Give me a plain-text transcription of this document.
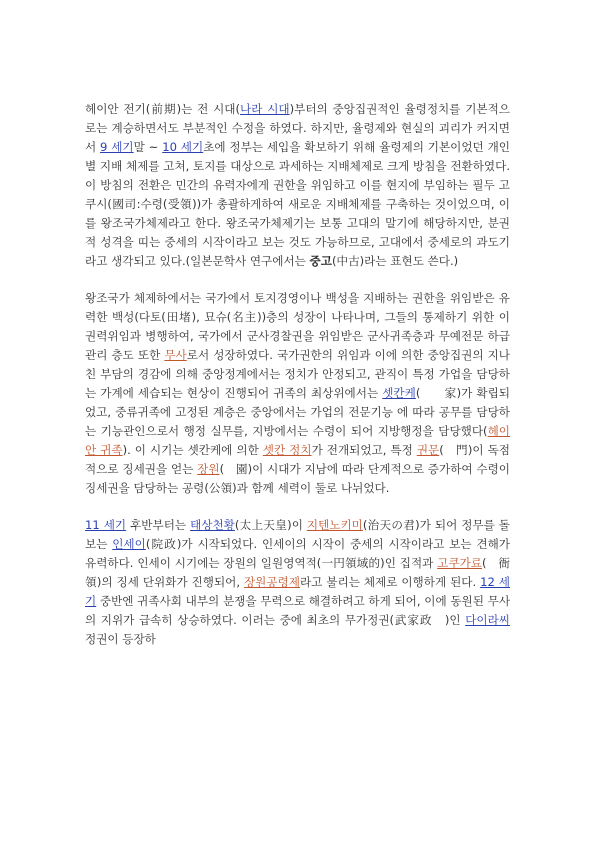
헤이안 전기(前期)는 전 시대(나라 시대)부터의 중앙집권적인 율령정치를 기본적으로는 계승하면서도 부분적인 수정을 하였다. 하지만, 율령제와 현실의 괴리가 커지면서 9 세기말 ~ 10 세기초에 정부는 세입을 확보하기 위해 율령제의 기본이었던 개인별 지배 체제를 고쳐, 토지를 대상으로 과세하는 지배체제로 크게 방침을 전환하였다. 이 방침의 전환은 민간의 유력자에게 권한을 위임하고 이를 현지에 부임하는 필두 고쿠시(國司:수령(受領))가 총괄하게하여 새로운 지배체제를 구축하는 것이었으며, 이를 왕조국가체제라고 한다. 왕조국가체제기는 보통 고대의 말기에 해당하지만, 분권적 성격을 띠는 중세의 시작이라고 보는 것도 가능하므로, 고대에서 중세로의 과도기라고 생각되고 있다.(일본문학사 연구에서는 중고(中古)라는 표현도 쓴다.)

왕조국가 체제하에서는 국가에서 토지경영이나 백성을 지배하는 권한을 위임받은 유력한 백성(다토(田堵), 묘슈(名主))층의 성장이 나타나며, 그들의 통제하기 위한 이 권력위임과 병행하여, 국가에서 군사경찰권을 위임받은 군사귀족층과 무예전문 하급관리 층도 또한 무사로서 성장하였다. 국가권한의 위임과 이에 의한 중앙집권의 지나친 부담의 경감에 의해 중앙정계에서는 정치가 안정되고, 관직이 특정 가업을 담당하는 가계에 세습되는 현상이 진행되어 귀족의 최상위에서는 셋칸케(　　家)가 확립되었고, 중류귀족에 고정된 계층은 중앙에서는 가업의 전문기능 에 따라 공무를 담당하는 기능관인으로서 행정 실무를, 지방에서는 수령이 되어 지방행정을 담당했다(헤이안 귀족). 이 시기는 셋칸케에 의한 셋칸 정치가 전개되었고, 특정 권문(　門)이 독점적으로 징세권을 얻는 장원(　園)이 시대가 지남에 따라 단계적으로 증가하여 수령이 징세권을 담당하는 공령(公領)과 함께 세력이 둘로 나뉘었다.

11 세기 후반부터는 태상천황(太上天皇)이 지텐노키미(治天の君)가 되어 정무를 돌보는 인세이(院政)가 시작되었다. 인세이의 시작이 중세의 시작이라고 보는 견해가 유력하다. 인세이 시기에는 장원의 일원영역적(一円領域的)인 집적과 고쿠가료(　衙領)의 징세 단위화가 진행되어, 장원공령제라고 불리는 체제로 이행하게 된다. 12 세기 중반엔 귀족사회 내부의 분쟁을 무력으로 해결하려고 하게 되어, 이에 동원된 무사의 지위가 급속히 상승하였다. 이러는 중에 최초의 무가정권(武家政　)인 다이라씨 정권이 등장하
